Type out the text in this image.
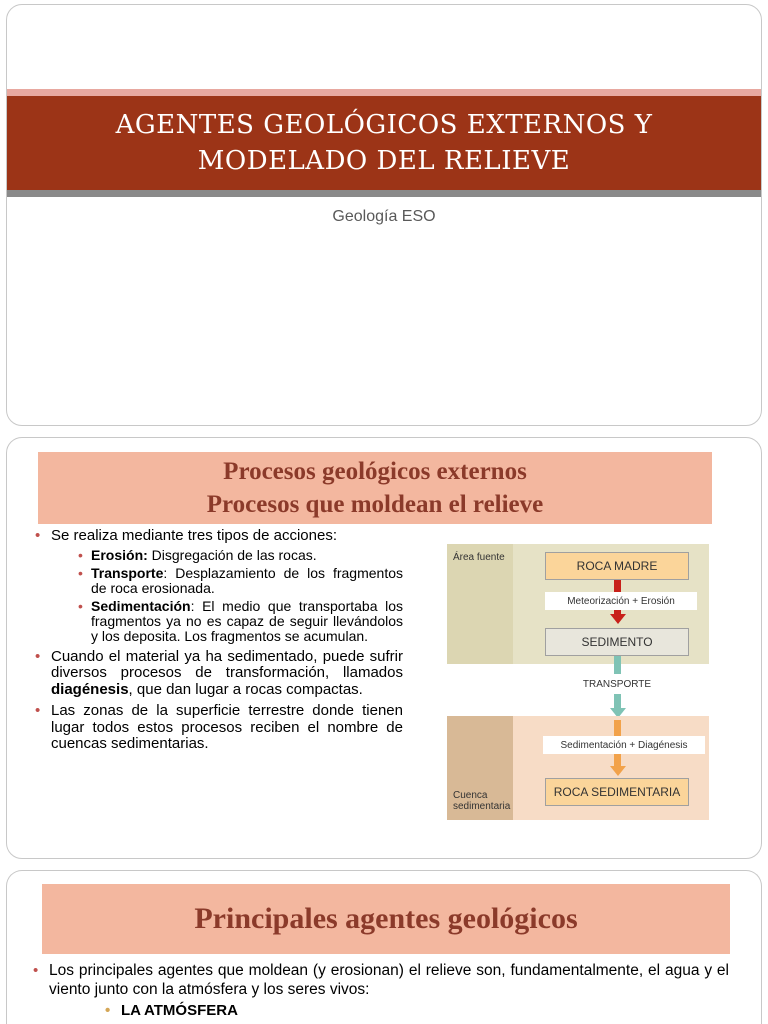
AGENTES GEOLÓGICOS EXTERNOS Y
MODELADO DEL RELIEVE
Geología ESO
Procesos geológicos externos
Procesos que moldean el relieve
• Se realiza mediante tres tipos de acciones:
• Erosión: Disgregación de las rocas.
• Transporte: Desplazamiento de los fragmentos de roca erosionada.
• Sedimentación: El medio que transportaba los fragmentos ya no es capaz de seguir llevándolos y los deposita. Los fragmentos se acumulan.
• Cuando el material ya ha sedimentado, puede sufrir diversos procesos de transformación, llamados diagénesis, que dan lugar a rocas compactas.
• Las zonas de la superficie terrestre donde tienen lugar todos estos procesos reciben el nombre de cuencas sedimentarias.
Área fuente
ROCA MADRE
Meteorización + Erosión
SEDIMENTO
TRANSPORTE
Cuenca
sedimentaria
Sedimentación + Diagénesis
ROCA SEDIMENTARIA
Principales agentes geológicos
• Los principales agentes que moldean (y erosionan) el relieve son, fundamentalmente, el agua y el viento junto con la atmósfera y los seres vivos:
• LA ATMÓSFERA
